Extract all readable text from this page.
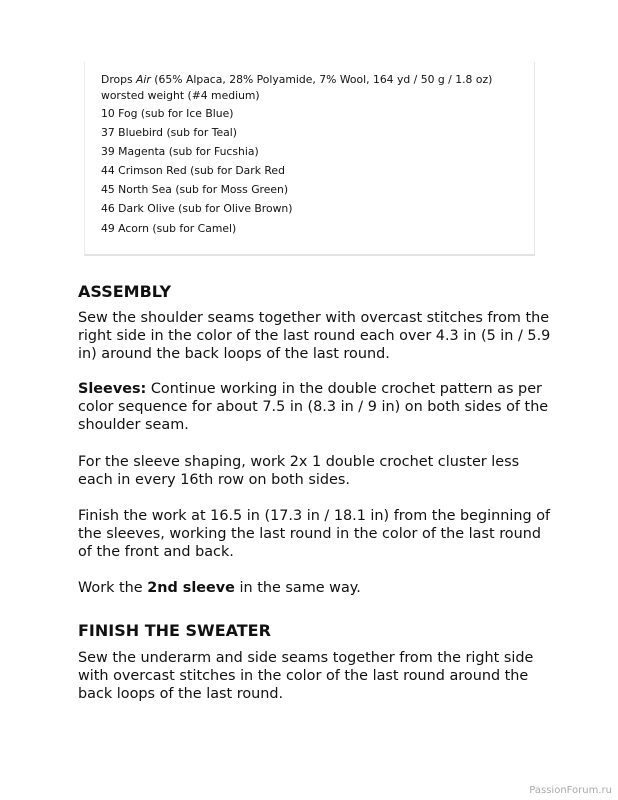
Drops Air (65% Alpaca, 28% Polyamide, 7% Wool, 164 yd / 50 g / 1.8 oz)
worsted weight (#4 medium)
10 Fog (sub for Ice Blue)
37 Bluebird (sub for Teal)
39 Magenta (sub for Fucshia)
44 Crimson Red (sub for Dark Red
45 North Sea (sub for Moss Green)
46 Dark Olive (sub for Olive Brown)
49 Acorn (sub for Camel)
ASSEMBLY

Sew the shoulder seams together with overcast stitches from the right side in the color of the last round each over 4.3 in (5 in / 5.9 in) around the back loops of the last round.

Sleeves: Continue working in the double crochet pattern as per color sequence for about 7.5 in (8.3 in / 9 in) on both sides of the shoulder seam.

For the sleeve shaping, work 2x 1 double crochet cluster less each in every 16th row on both sides.

Finish the work at 16.5 in (17.3 in / 18.1 in) from the beginning of the sleeves, working the last round in the color of the last round of the front and back.

Work the 2nd sleeve in the same way.

FINISH THE SWEATER

Sew the underarm and side seams together from the right side with overcast stitches in the color of the last round around the back loops of the last round.

PassionForum.ru
